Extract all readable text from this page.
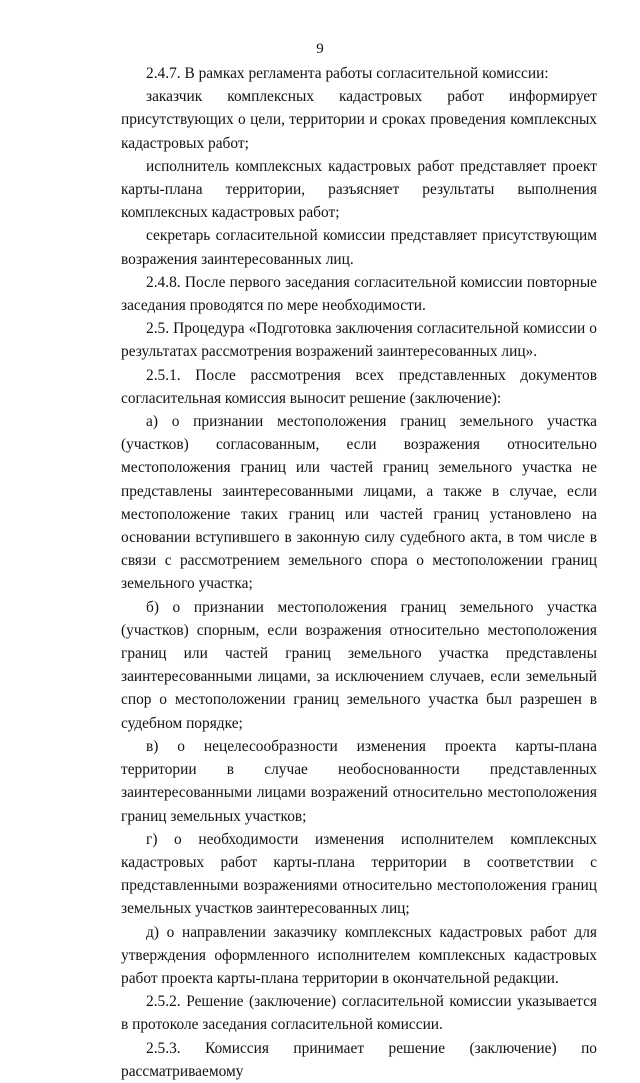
9

2.4.7. В рамках регламента работы согласительной комиссии:

заказчик комплексных кадастровых работ информирует присутствующих о цели, территории и сроках проведения комплексных кадастровых работ;

исполнитель комплексных кадастровых работ представляет проект карты-плана территории, разъясняет результаты выполнения комплексных кадастровых работ;

секретарь согласительной комиссии представляет присутствующим возражения заинтересованных лиц.

2.4.8. После первого заседания согласительной комиссии повторные заседания проводятся по мере необходимости.

2.5. Процедура «Подготовка заключения согласительной комиссии о результатах рассмотрения возражений заинтересованных лиц».

2.5.1. После рассмотрения всех представленных документов согласительная комиссия выносит решение (заключение):

а) о признании местоположения границ земельного участка (участков) согласованным, если возражения относительно местоположения границ или частей границ земельного участка не представлены заинтересованными лицами, а также в случае, если местоположение таких границ или частей границ установлено на основании вступившего в законную силу судебного акта, в том числе в связи с рассмотрением земельного спора о местоположении границ земельного участка;

б) о признании местоположения границ земельного участка (участков) спорным, если возражения относительно местоположения границ или частей границ земельного участка представлены заинтересованными лицами, за исключением случаев, если земельный спор о местоположении границ земельного участка был разрешен в судебном порядке;

в) о нецелесообразности изменения проекта карты-плана территории в случае необоснованности представленных заинтересованными лицами возражений относительно местоположения границ земельных участков;

г) о необходимости изменения исполнителем комплексных кадастровых работ карты-плана территории в соответствии с представленными возражениями относительно местоположения границ земельных участков заинтересованных лиц;

д) о направлении заказчику комплексных кадастровых работ для утверждения оформленного исполнителем комплексных кадастровых работ проекта карты-плана территории в окончательной редакции.

2.5.2. Решение (заключение) согласительной комиссии указывается в протоколе заседания согласительной комиссии.

2.5.3. Комиссия принимает решение (заключение) по рассматриваемому
